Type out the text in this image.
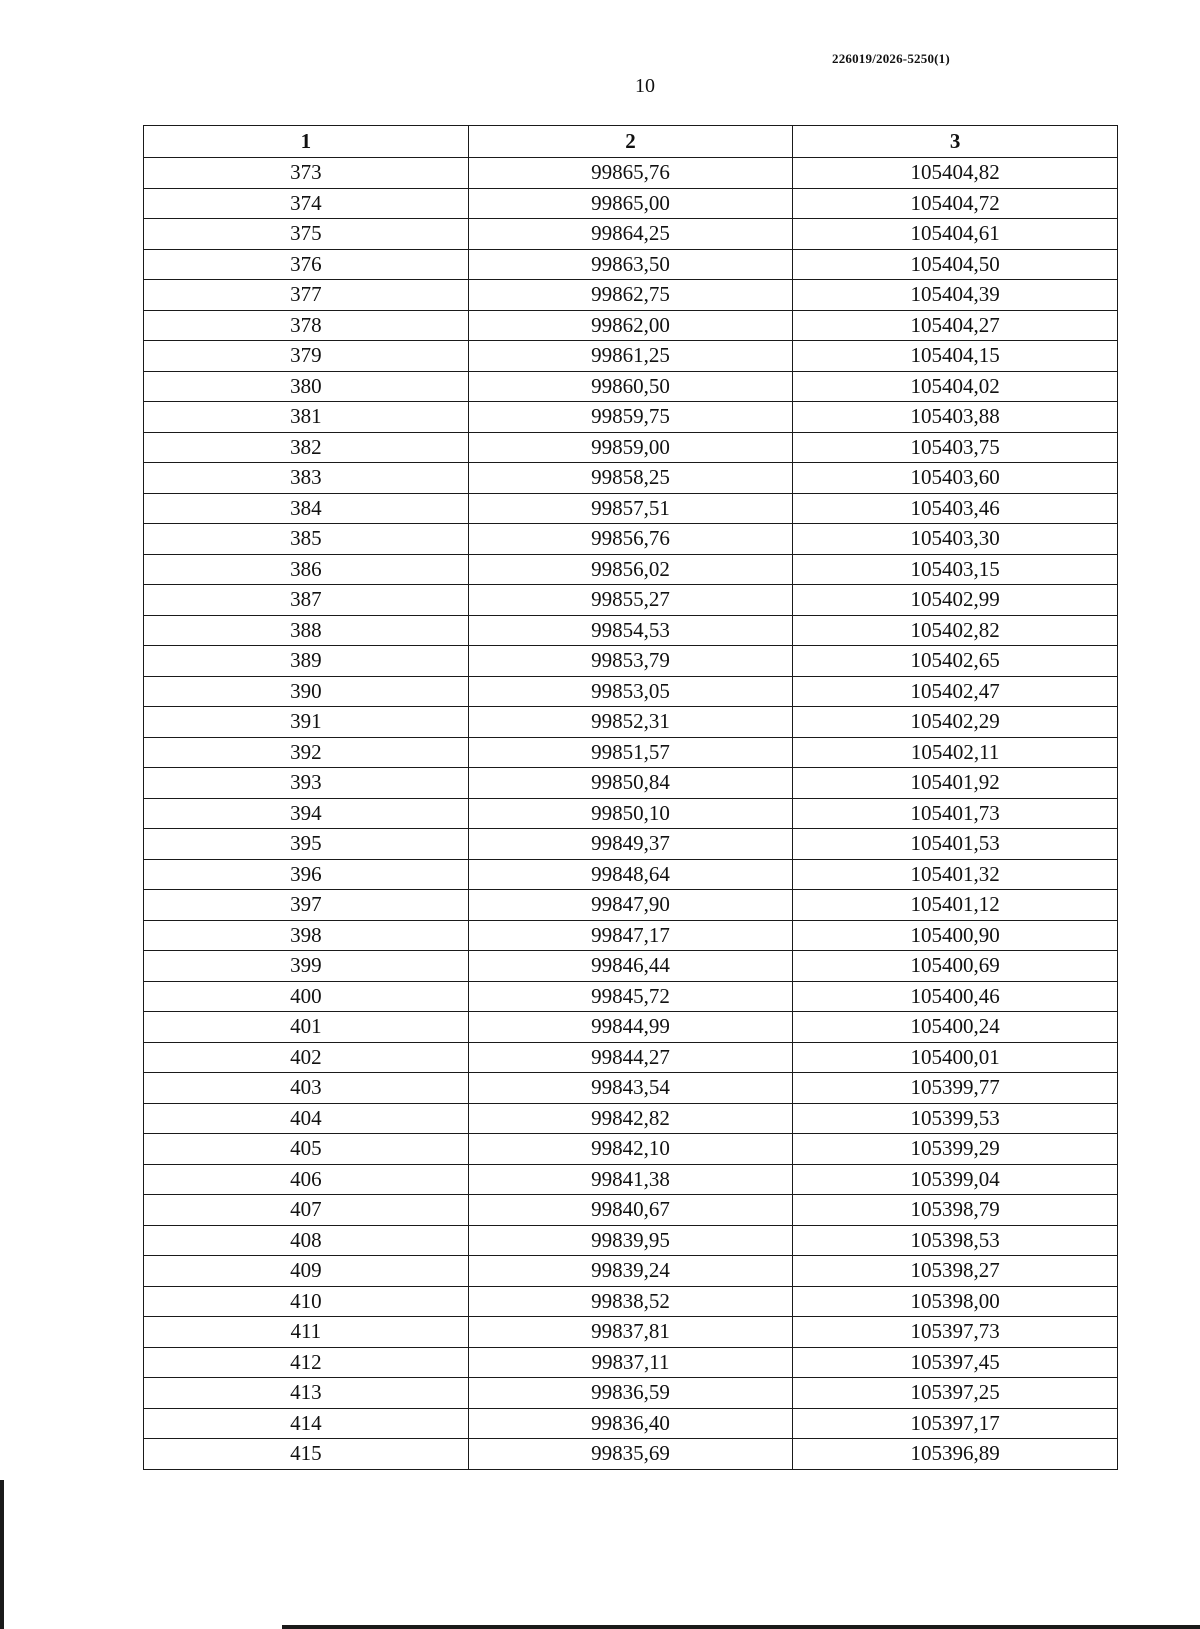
226019/2026-5250(1)
10
1	2	3
373	99865,76	105404,82
374	99865,00	105404,72
375	99864,25	105404,61
376	99863,50	105404,50
377	99862,75	105404,39
378	99862,00	105404,27
379	99861,25	105404,15
380	99860,50	105404,02
381	99859,75	105403,88
382	99859,00	105403,75
383	99858,25	105403,60
384	99857,51	105403,46
385	99856,76	105403,30
386	99856,02	105403,15
387	99855,27	105402,99
388	99854,53	105402,82
389	99853,79	105402,65
390	99853,05	105402,47
391	99852,31	105402,29
392	99851,57	105402,11
393	99850,84	105401,92
394	99850,10	105401,73
395	99849,37	105401,53
396	99848,64	105401,32
397	99847,90	105401,12
398	99847,17	105400,90
399	99846,44	105400,69
400	99845,72	105400,46
401	99844,99	105400,24
402	99844,27	105400,01
403	99843,54	105399,77
404	99842,82	105399,53
405	99842,10	105399,29
406	99841,38	105399,04
407	99840,67	105398,79
408	99839,95	105398,53
409	99839,24	105398,27
410	99838,52	105398,00
411	99837,81	105397,73
412	99837,11	105397,45
413	99836,59	105397,25
414	99836,40	105397,17
415	99835,69	105396,89
